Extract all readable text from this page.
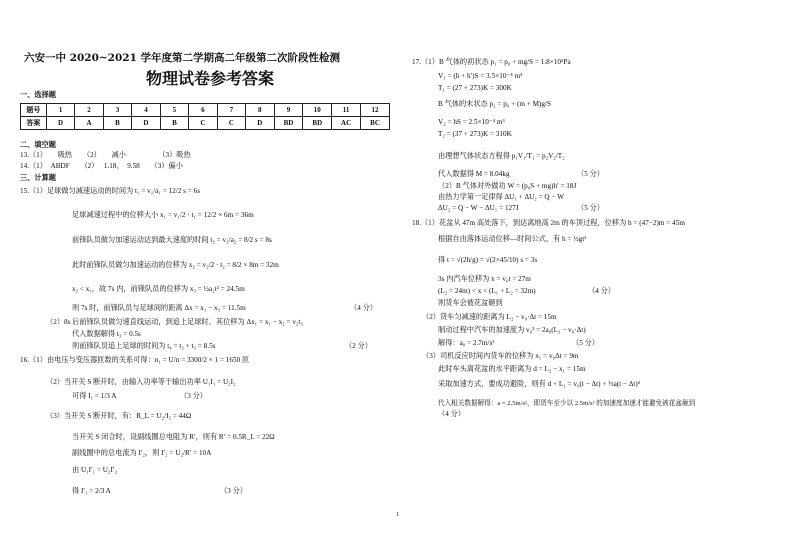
六安一中 2020~2021 学年度第二学期高二年级第二次阶段性检测
物理试卷参考答案
一、选择题
题号	1	2	3	4	5	6	7	8	9	10	11	12
答案	D	A	B	D	B	C	C	D	BD	BD	AC	BC
二、填空题
13.（1）　　吸热　　（2）　　减小　　　　　（3）吸热
14.（1）　ABDF　　（2）　 1.18、　9.58　　（3）偏小
三、计算题
15.（1）足球做匀减速运动的时间为 t₁ = v₁/a₁ = 12/2 s = 6s
足球减速过程中的位移大小 x₁ = v₁/2 · t₁ = 12/2 × 6m = 36m
前锋队员做匀加速运动达到最大速度的时间 t₂ = v₂/a₂ = 8/2 s = 8s
此时前锋队员做匀加速运动的位移为 x₂ = v₂/2 · t₂ = 8/2 × 8m = 32m
x₂ < x₁，故 7s 内，前锋队员的位移为 x₃ = ½a₂t² = 24.5m
则 7s 时，前锋队员与足球间的距离 Δx = x₁ − x₃ = 11.5m	（4 分）
（2）8s 后前锋队员做匀速直线运动，到追上足球时，其位移为 Δx₁ = x₁ − x₂ = v₂t₃
代入数据解得 t₃ = 0.5s
则前锋队员追上足球的时间为 t₄ = t₂ + t₃ = 8.5s	（2 分）
16.（1）由电压与变压器匝数的关系可得：n₁ = U/n = 3300/2 × 1 = 1650 匝
（2）当开关 S 断开时，由输入功率等于输出功率 U₁I₁ = U₂I₂
可得 I₁ = 1/3 A	（3 分）
（3）当开关 S 断开时，有：R_L = U₂/I₂ = 44Ω
当开关 S 闭合时，设副线圈总电阻为 R′，则有 R′ = 0.5R_L = 22Ω
副线圈中的总电流为 I′₂，则 I′₂ = U₂/R′ = 10A
由 U₁I′₁ = U₂I′₂
得 I′₁ = 2/3 A	（3 分）
17.（1）B 气体的初状态 p₁ = p₀ + mg/S = 1.8×10⁵Pa
V₁ = (h + h′)S = 3.5×10⁻⁴ m³
T₁ = (27 + 273)K = 300K
B 气体的末状态 p₂ = p₀ + (m + M)g/S
V₂ = hS = 2.5×10⁻⁴ m³
T₂ = (37 + 273)K = 310K
由理想气体状态方程得 p₁V₁/T₁ = p₂V₂/T₂
代入数据得 M = 8.04kg	（5 分）
（2）B 气体对外做功 W = (p₀S + mg)h′ = 18J
由热力学第一定律得 ΔU₁ + ΔU₂ = Q − W
ΔU₂ = Q − W − ΔU₁ = 127J	（5 分）
18.（1）花盆从 47m 高处落下，到达离地高 2m 的车顶过程，位移为 h = (47−2)m = 45m
根据自由落体运动位移—时间公式，有 h = ½gt²
得 t = √(2h/g) = √(2×45/10) s = 3s
3s 内汽车位移为 x = v₀t = 27m
(L₂ = 24m) < x < (L₁ + L₂ = 32m)	（4 分）
则货车会被花盆砸到
（2）货车匀减速的距离为 L₂ − v₀·Δt = 15m
制动过程中汽车的加速度为 v₀² = 2a₀(L₂ − v₀·Δt)
解得：a₀ = 2.7m/s²	（5 分）
（3）司机反应时间内货车的位移为 x₁ = v₀Δt = 9m
此时车头离花盆的水平距离为 d = L₂ − x₁ = 15m
采取加速方式，要成功避险，则有 d + L₁ = v₀(t − Δt) + ½a(t − Δt)²
代入相关数据解得：a = 2.5m/s²，即货车至少以 2.5m/s² 的加速度加速才能避免被花盆砸到
（4 分）
1
